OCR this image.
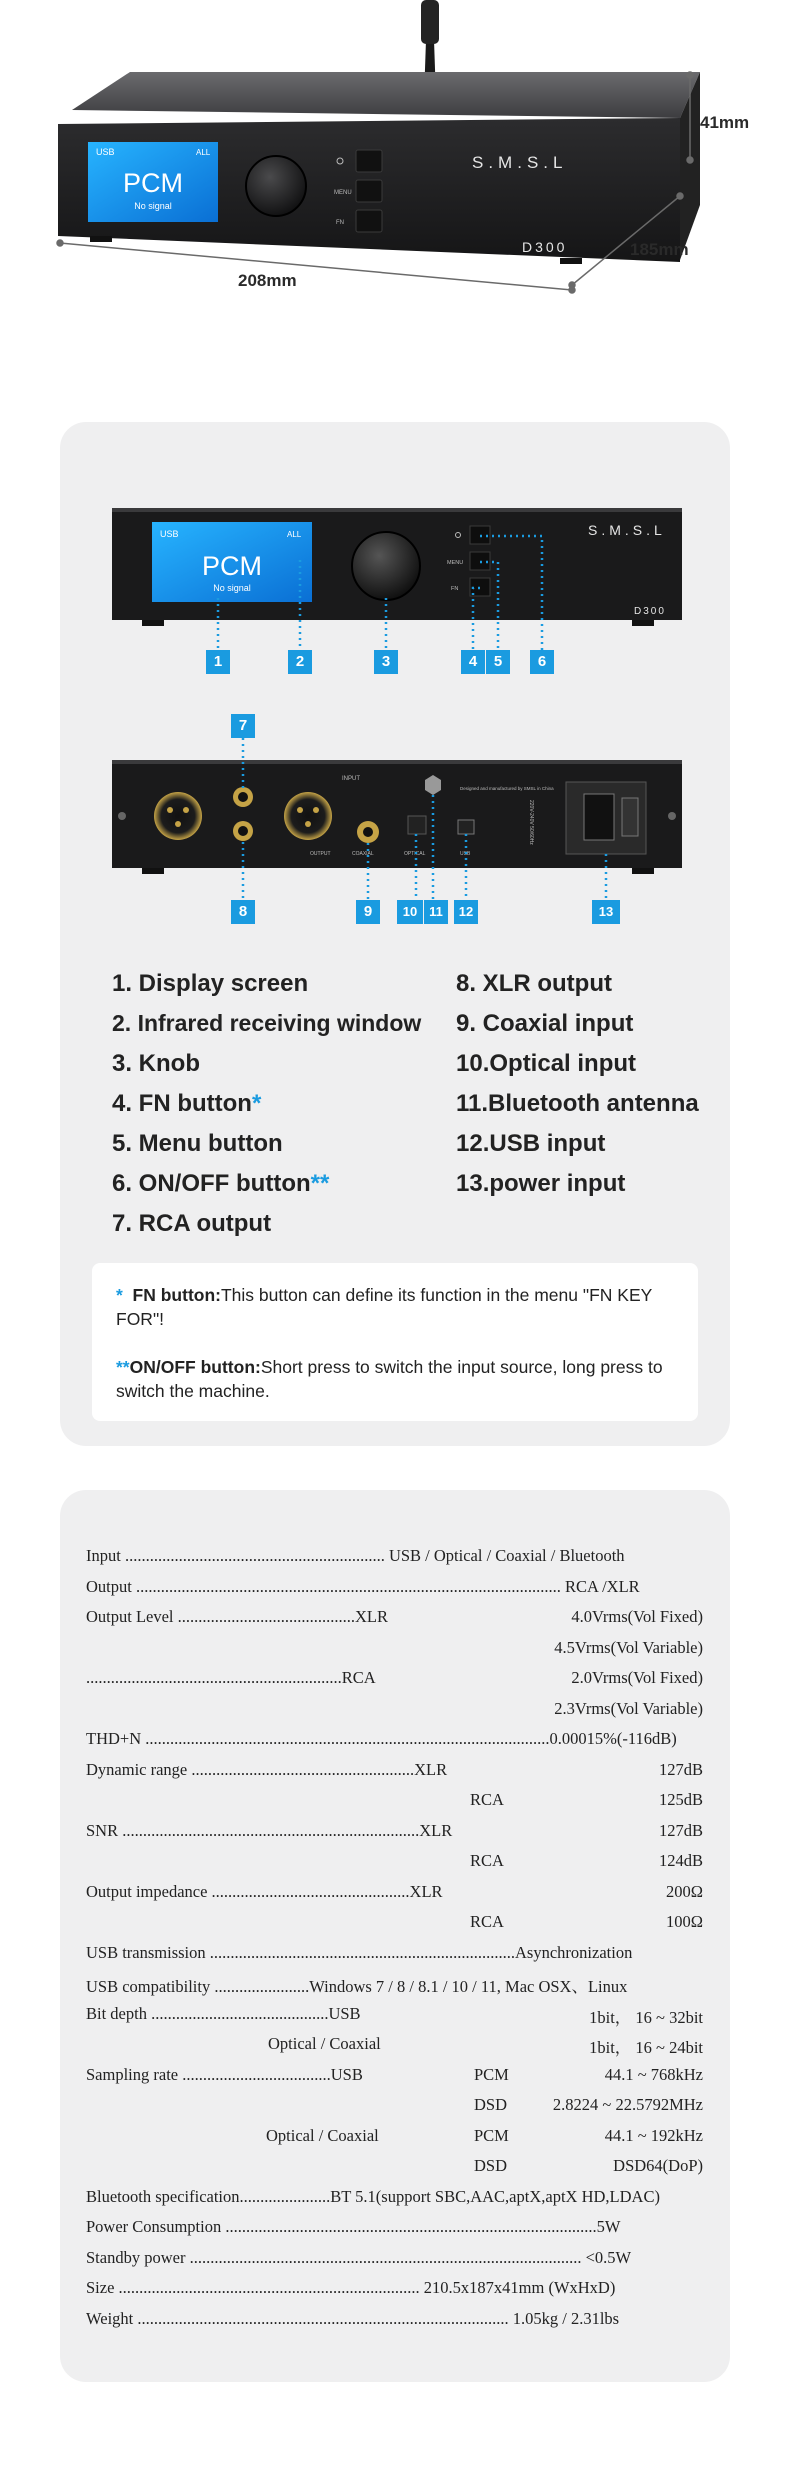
USB	ALL
PCM
No signal
MENU
FN
S.M.S.L
D300
41mm
185mm
208mm
USB	ALL
PCM
No signal
MENU
FN
S.M.S.L
D300
INPUT
OUTPUT	COAXIAL	OPTICAL	USB
Designed and manufactured by SMSL in China
220V-240V 50/60Hz
1	2	3	4	5	6
7
8	9	10 11	12	13
1. Display screen
2. Infrared receiving window
3. Knob
4. FN button*
5. Menu button
6. ON/OFF button**
7. RCA output
8. XLR output
9. Coaxial input
10.Optical input
11.Bluetooth antenna
12.USB input
13.power input

* FN button:This button can define its function in the menu "FN KEY FOR"!

**ON/OFF button:Short press to switch the input source, long press to switch the machine.

Input ............................................................... USB / Optical / Coaxial / Bluetooth
Output ....................................................................................................... RCA /XLR
Output Level ...........................................XLR	4.0Vrms(Vol Fixed)
4.5Vrms(Vol Variable)
..............................................................RCA	2.0Vrms(Vol Fixed)
2.3Vrms(Vol Variable)
THD+N ..................................................................................................0.00015%(-116dB)
Dynamic range ......................................................XLR	127dB
RCA	125dB
SNR ........................................................................XLR	127dB
RCA	124dB
Output impedance ................................................XLR	200Ω
RCA	100Ω
USB transmission ..........................................................................Asynchronization
USB compatibility .......................Windows 7 / 8 / 8.1 / 10 / 11, Mac OSX、Linux
Bit depth ...........................................USB	1bit， 16 ~ 32bit
Optical / Coaxial	1bit， 16 ~ 24bit
Sampling rate ....................................USB	PCM	44.1 ~ 768kHz
DSD	2.8224 ~ 22.5792MHz
Optical / Coaxial	PCM	44.1 ~ 192kHz
DSD	DSD64(DoP)
Bluetooth specification......................BT 5.1(support SBC,AAC,aptX,aptX HD,LDAC)
Power Consumption ..........................................................................................5W
Standby power ............................................................................................... <0.5W
Size ......................................................................... 210.5x187x41mm (WxHxD)
Weight .......................................................................................... 1.05kg / 2.31lbs
